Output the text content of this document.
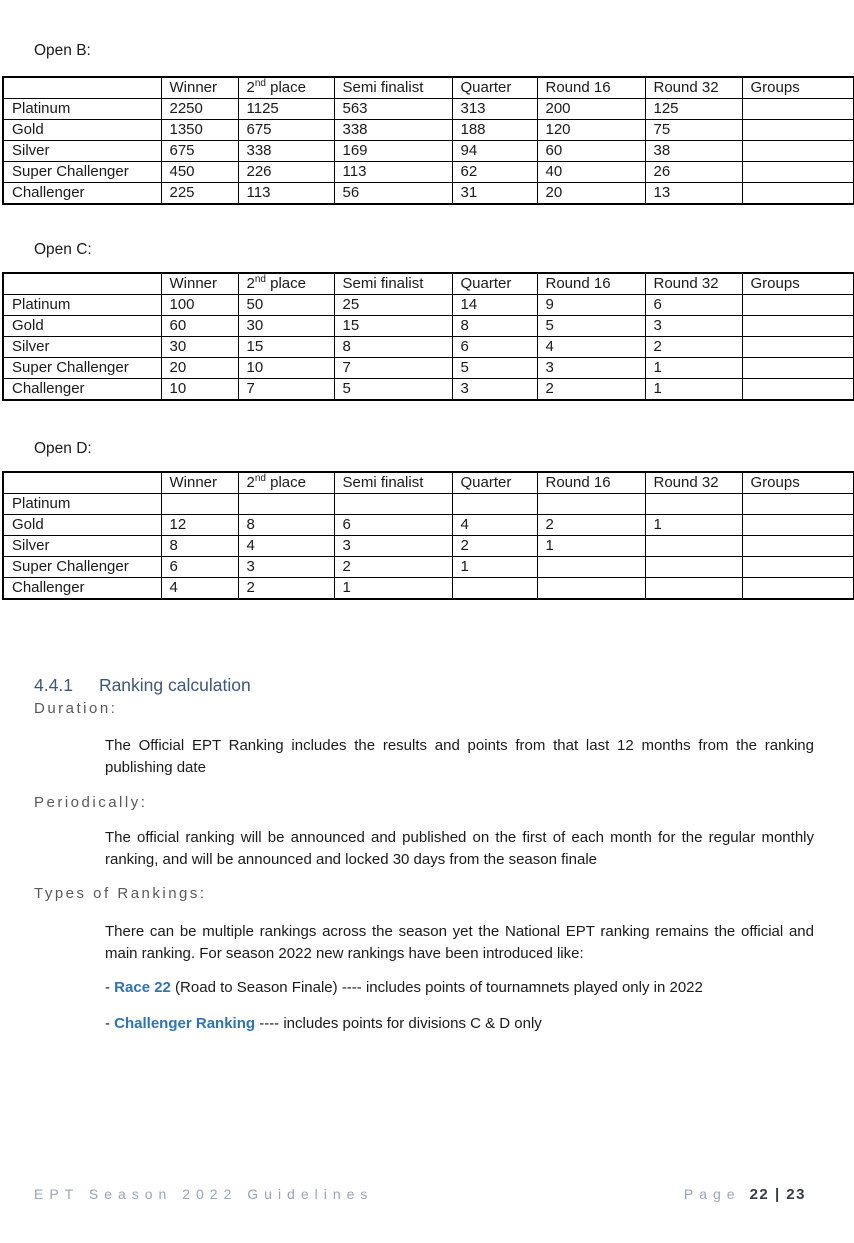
Open B:
	Winner	2nd place	Semi finalist	Quarter	Round 16	Round 32	Groups
Platinum	2250	1125	563	313	200	125	
Gold	1350	675	338	188	120	75	
Silver	675	338	169	94	60	38	
Super Challenger	450	226	113	62	40	26	
Challenger	225	113	56	31	20	13	
Open C:
	Winner	2nd place	Semi finalist	Quarter	Round 16	Round 32	Groups
Platinum	100	50	25	14	9	6	
Gold	60	30	15	8	5	3	
Silver	30	15	8	6	4	2	
Super Challenger	20	10	7	5	3	1	
Challenger	10	7	5	3	2	1	
Open D:
	Winner	2nd place	Semi finalist	Quarter	Round 16	Round 32	Groups
Platinum							
Gold	12	8	6	4	2	1	
Silver	8	4	3	2	1		
Super Challenger	6	3	2	1			
Challenger	4	2	1				
4.4.1 Ranking calculation
Duration:

The Official EPT Ranking includes the results and points from that last 12 months from the ranking publishing date

Periodically:

The official ranking will be announced and published on the first of each month for the regular monthly ranking, and will be announced and locked 30 days from the season finale

Types of Rankings:

There can be multiple rankings across the season yet the National EPT ranking remains the official and main ranking. For season 2022 new rankings have been introduced like:

- Race 22 (Road to Season Finale) ---- includes points of tournamnets played only in 2022
- Challenger Ranking ---- includes points for divisions C & D only
EPT Season 2022 Guidelines	Page 22 | 23
